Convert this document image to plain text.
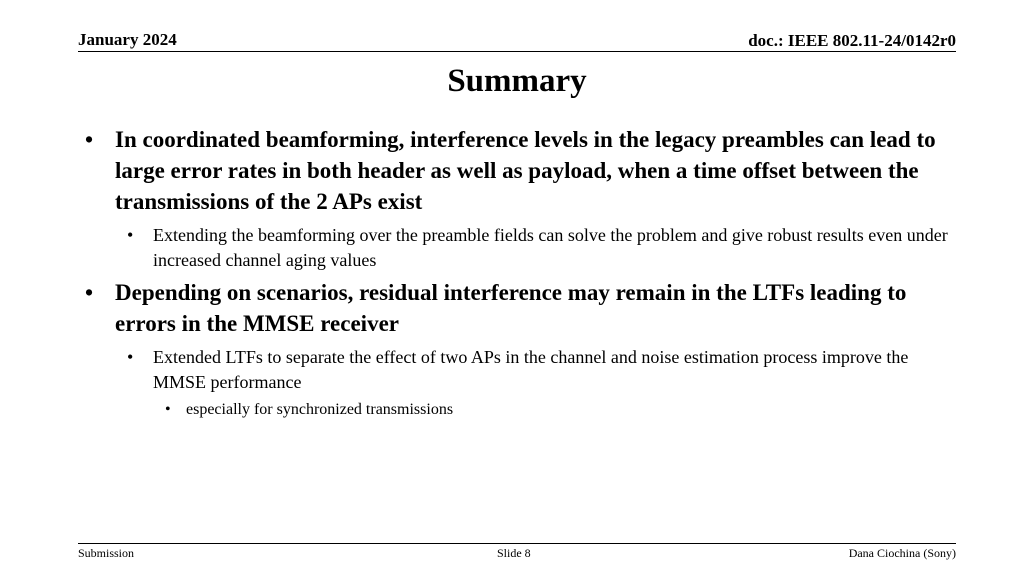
January 2024	doc.: IEEE 802.11-24/0142r0
Summary
• In coordinated beamforming, interference levels in the legacy preambles can lead to large error rates in both header as well as payload, when a time offset between the transmissions of the 2 APs exist
• Extending the beamforming over the preamble fields can solve the problem and give robust results even under increased channel aging values
• Depending on scenarios, residual interference may remain in the LTFs leading to errors in the MMSE receiver
• Extended LTFs to separate the effect of two APs in the channel and noise estimation process improve the MMSE performance
• especially for synchronized transmissions
Submission	Slide 8	Dana Ciochina (Sony)
